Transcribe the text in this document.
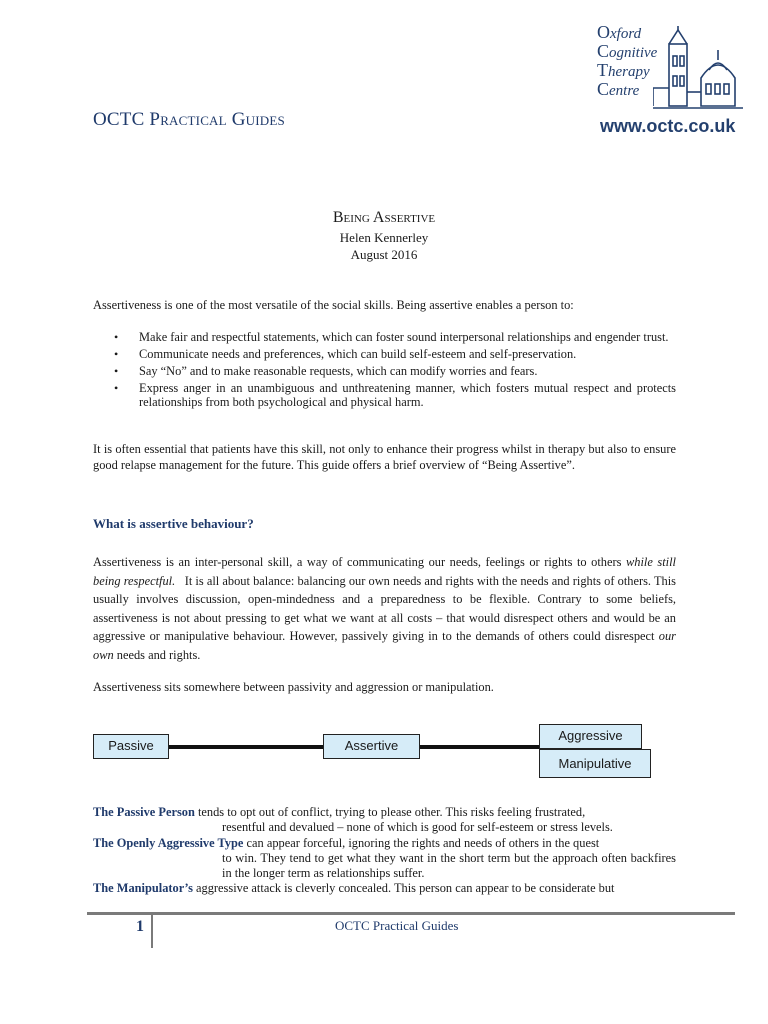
OCTC Practical Guides
Oxford
Cognitive
Therapy
Centre
www.octc.co.uk
Being Assertive
Helen Kennerley
August 2016
Assertiveness is one of the most versatile of the social skills. Being assertive enables a person to:
• Make fair and respectful statements, which can foster sound interpersonal relationships and engender trust.
• Communicate needs and preferences, which can build self-esteem and self-preservation.
• Say “No” and to make reasonable requests, which can modify worries and fears.
• Express anger in an unambiguous and unthreatening manner, which fosters mutual respect and protects relationships from both psychological and physical harm.
It is often essential that patients have this skill, not only to enhance their progress whilst in therapy but also to ensure good relapse management for the future. This guide offers a brief overview of “Being Assertive”.
What is assertive behaviour?
Assertiveness is an inter-personal skill, a way of communicating our needs, feelings or rights to others while still being respectful.   It is all about balance: balancing our own needs and rights with the needs and rights of others. This usually involves discussion, open-mindedness and a preparedness to be flexible. Contrary to some beliefs, assertiveness is not about pressing to get what we want at all costs – that would disrespect others and would be an aggressive or manipulative behaviour. However, passively giving in to the demands of others could disrespect our own needs and rights.
Assertiveness sits somewhere between passivity and aggression or manipulation.
Passive	Assertive
Aggressive
Manipulative
The Passive Person tends to opt out of conflict, trying to please other. This risks feeling frustrated,
resentful and devalued – none of which is good for self-esteem or stress levels.
The Openly Aggressive Type can appear forceful, ignoring the rights and needs of others in the quest
to win. They tend to get what they want in the short term but the approach often backfires in the longer term as relationships suffer.
The Manipulator’s aggressive attack is cleverly concealed. This person can appear to be considerate but
1	OCTC Practical Guides
